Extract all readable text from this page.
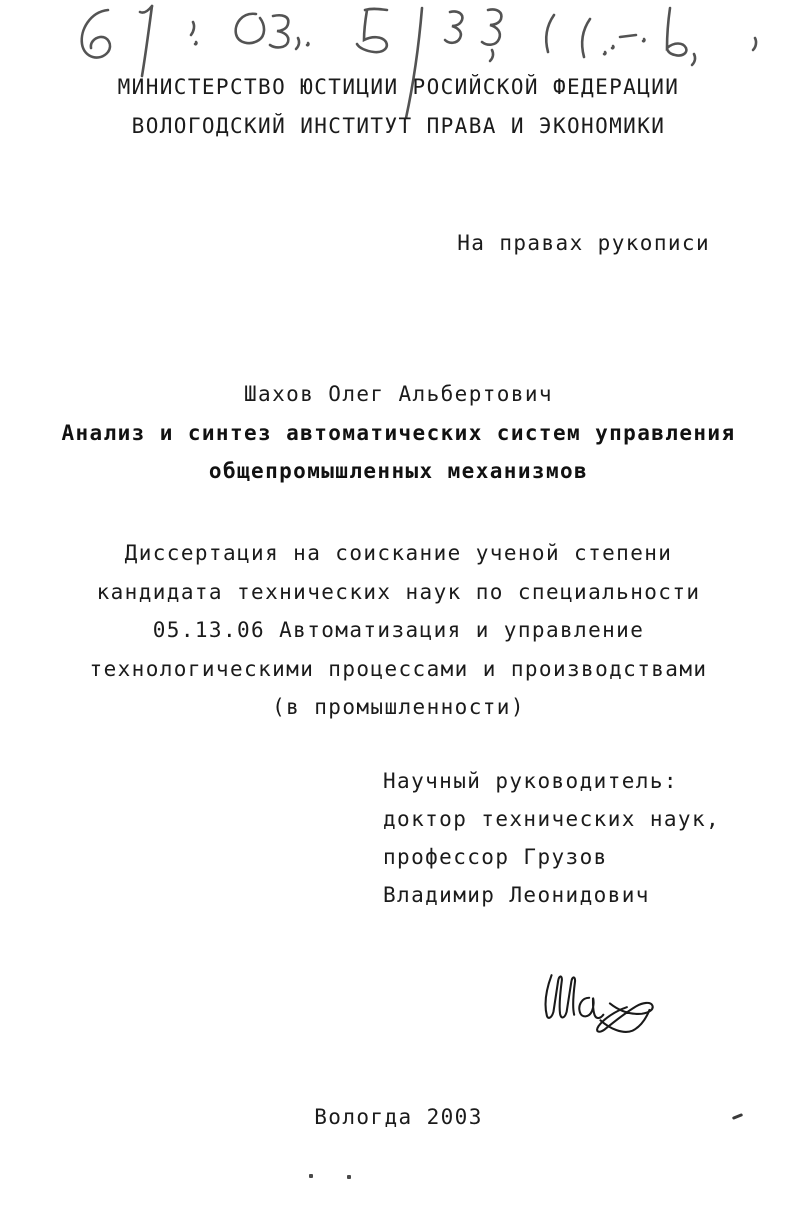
МИНИСТЕРСТВО ЮСТИЦИИ РОСИЙСКОЙ ФЕДЕРАЦИИ
ВОЛОГОДСКИЙ ИНСТИТУТ ПРАВА И ЭКОНОМИКИ
На правах рукописи
Шахов Олег Альбертович
Анализ и синтез автоматических систем управления
общепромышленных механизмов
Диссертация на соискание ученой степени
кандидата технических наук по специальности
05.13.06 Автоматизация и управление
технологическими процессами и производствами
(в промышленности)
Научный руководитель:
доктор технических наук,
профессор Грузов
Владимир Леонидович
Вологда 2003
